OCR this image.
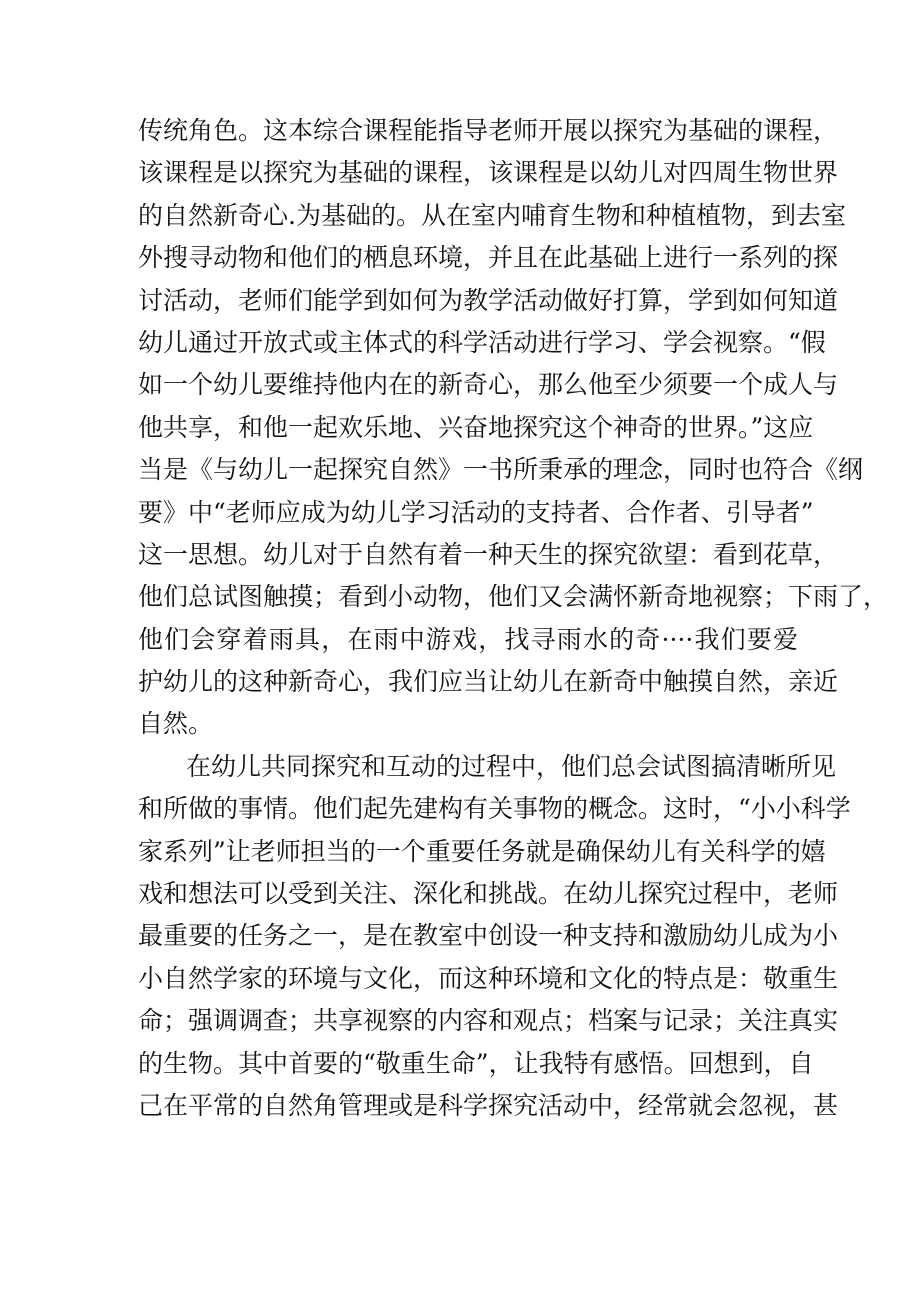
传统角色。这本综合课程能指导老师开展以探究为基础的课程，
该课程是以探究为基础的课程，该课程是以幼儿对四周生物世界
的自然新奇心.为基础的。从在室内哺育生物和种植植物，到去室
外搜寻动物和他们的栖息环境，并且在此基础上进行一系列的探
讨活动，老师们能学到如何为教学活动做好打算，学到如何知道
幼儿通过开放式或主体式的科学活动进行学习、学会视察。“假
如一个幼儿要维持他内在的新奇心，那么他至少须要一个成人与
他共享，和他一起欢乐地、兴奋地探究这个神奇的世界。”这应
当是《与幼儿一起探究自然》一书所秉承的理念，同时也符合《纲
要》中“老师应成为幼儿学习活动的支持者、合作者、引导者”
这一思想。幼儿对于自然有着一种天生的探究欲望：看到花草，
他们总试图触摸；看到小动物，他们又会满怀新奇地视察；下雨了，
他们会穿着雨具，在雨中游戏，找寻雨水的奇····我们要爱
护幼儿的这种新奇心，我们应当让幼儿在新奇中触摸自然，亲近
自然。
在幼儿共同探究和互动的过程中，他们总会试图搞清晰所见
和所做的事情。他们起先建构有关事物的概念。这时，“小小科学
家系列”让老师担当的一个重要任务就是确保幼儿有关科学的嬉
戏和想法可以受到关注、深化和挑战。在幼儿探究过程中，老师
最重要的任务之一，是在教室中创设一种支持和激励幼儿成为小
小自然学家的环境与文化，而这种环境和文化的特点是：敬重生
命；强调调查；共享视察的内容和观点；档案与记录；关注真实
的生物。其中首要的“敬重生命”，让我特有感悟。回想到，自
己在平常的自然角管理或是科学探究活动中，经常就会忽视，甚
